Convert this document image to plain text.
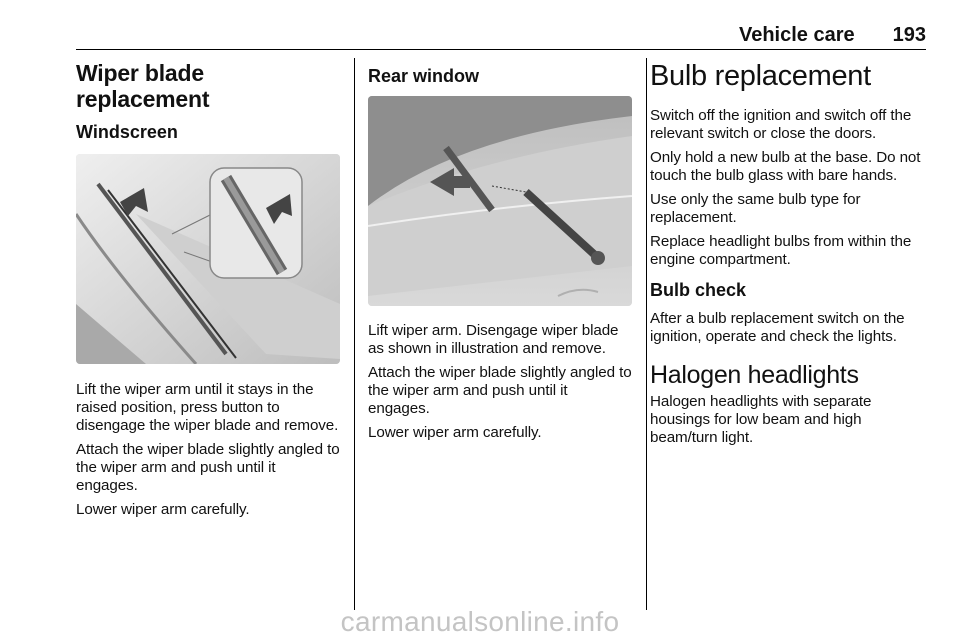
Vehicle care 193
Wiper blade replacement
Windscreen

Lift the wiper arm until it stays in the raised position, press button to disengage the wiper blade and remove.

Attach the wiper blade slightly angled to the wiper arm and push until it engages.

Lower wiper arm carefully.

Rear window

Lift wiper arm. Disengage wiper blade as shown in illustration and remove.

Attach the wiper blade slightly angled to the wiper arm and push until it engages.

Lower wiper arm carefully.

Bulb replacement

Switch off the ignition and switch off the relevant switch or close the doors.

Only hold a new bulb at the base. Do not touch the bulb glass with bare hands.

Use only the same bulb type for replacement.

Replace headlight bulbs from within the engine compartment.

Bulb check

After a bulb replacement switch on the ignition, operate and check the lights.

Halogen headlights

Halogen headlights with separate housings for low beam and high beam/turn light.

carmanualsonline.info
